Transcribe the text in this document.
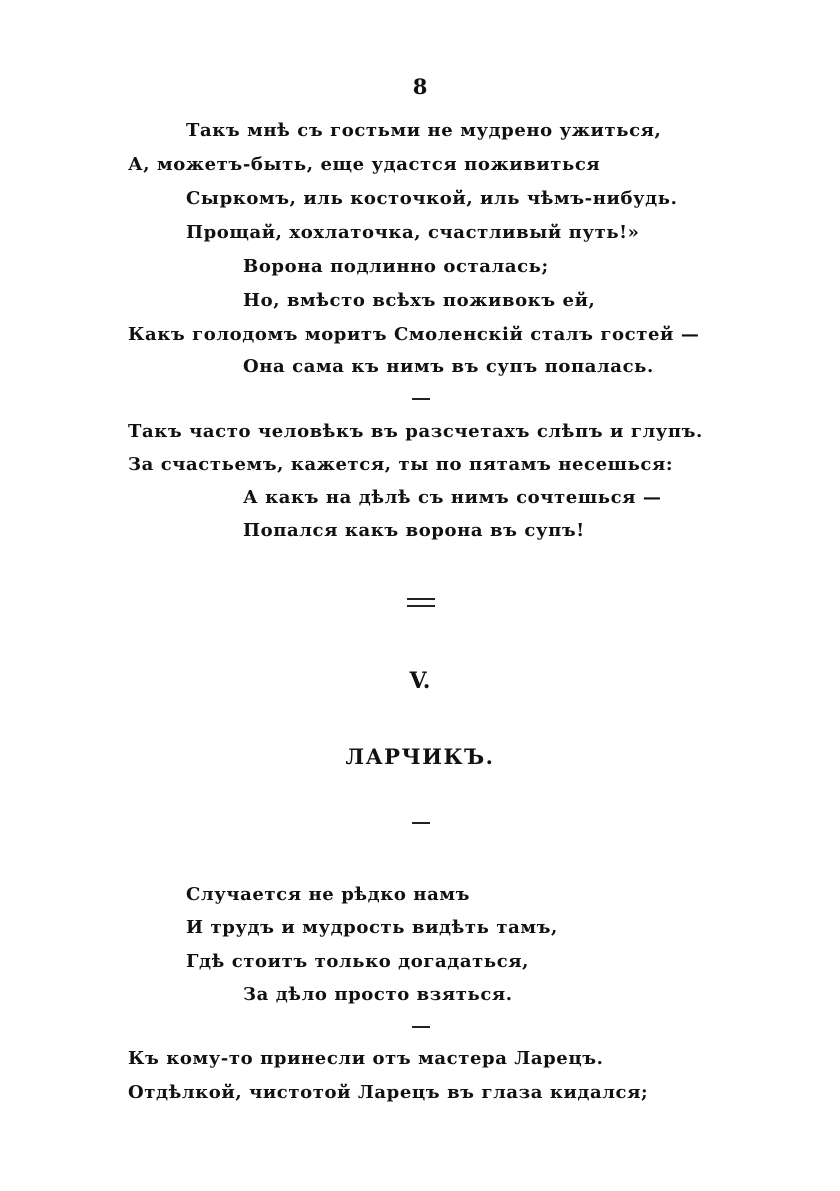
8
Такъ мнѣ съ гостьми не мудрено ужиться,
А, можетъ-быть, еще удастся поживиться
Сыркомъ, иль косточкой, иль чѣмъ-нибудь.
Прощай, хохлаточка, счастливый путь!»
Ворона подлинно осталась;
Но, вмѣсто всѣхъ поживокъ ей,
Какъ голодомъ моритъ Смоленскій сталъ гостей —
Она сама къ нимъ въ супъ попалась.
Такъ часто человѣкъ въ разсчетахъ слѣпъ и глупъ.
За счастьемъ, кажется, ты по пятамъ несешься:
А какъ на дѣлѣ съ нимъ сочтешься —
Попался какъ ворона въ супъ!
V.
ЛАРЧИКЪ.
Случается не рѣдко намъ
И трудъ и мудрость видѣть тамъ,
Гдѣ стоитъ только догадаться,
За дѣло просто взяться.
Къ кому-то принесли отъ мастера Ларецъ.
Отдѣлкой, чистотой Ларецъ въ глаза кидался;
